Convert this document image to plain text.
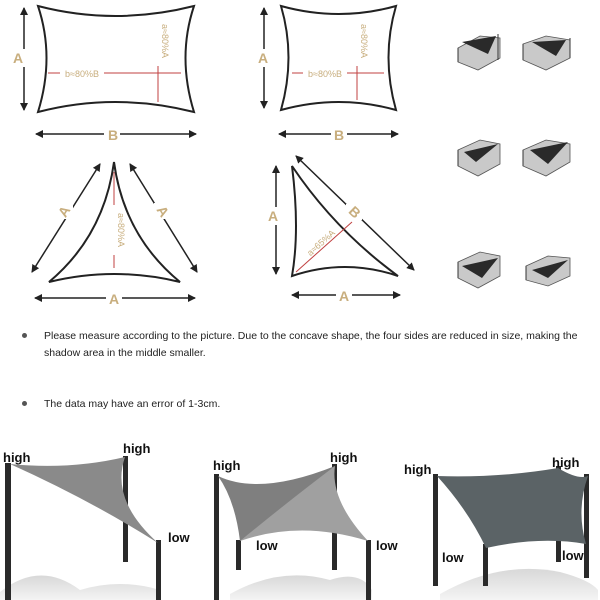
A
B
b≈80%B
a≈80%A
A
B
b≈80%B
a≈80%A
A	A
A
a≈80%A	A	B
A
a≈65%A
high
high
low
high
high
low	low
high	high
low	low
Please measure according to the picture. Due to the concave shape, the four sides are reduced in size, making the shadow area in the middle smaller.
The data may have an error of 1-3cm.
